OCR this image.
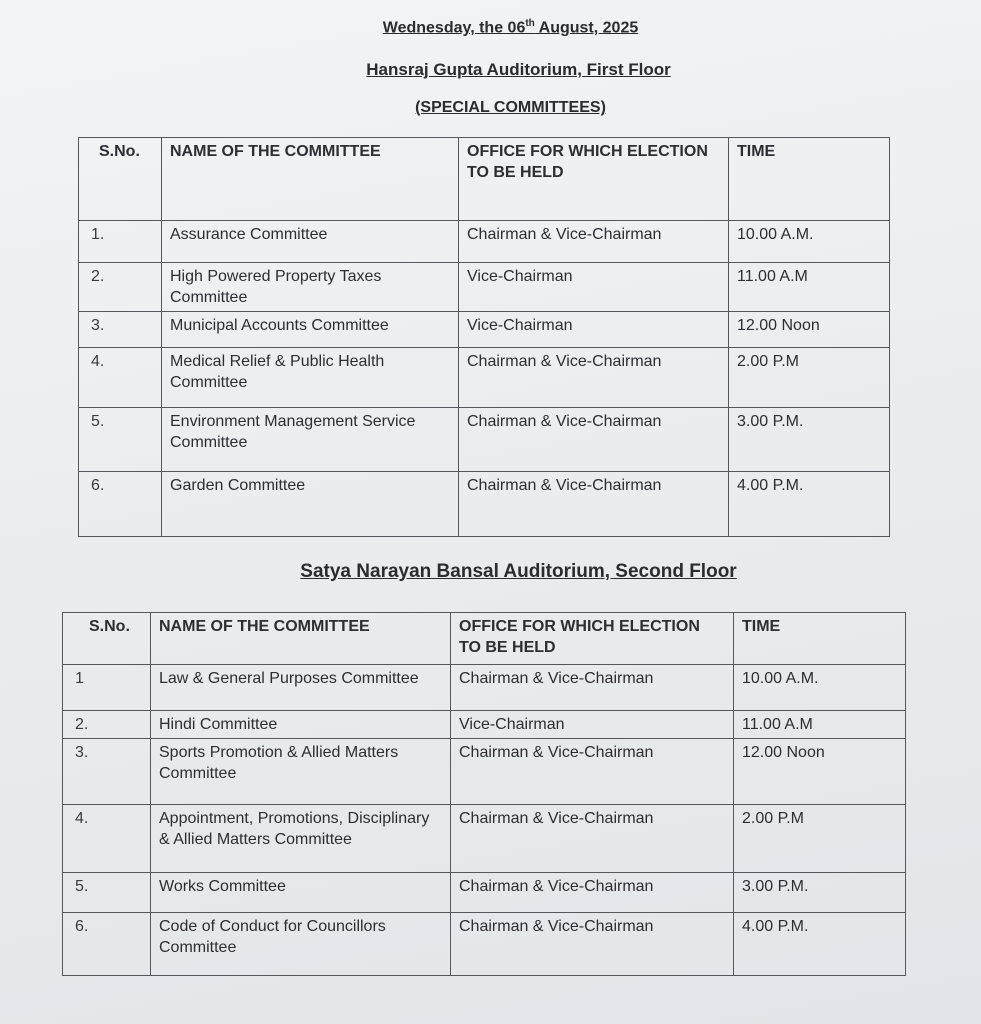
Wednesday, the 06th August, 2025
Hansraj Gupta Auditorium, First Floor
(SPECIAL COMMITTEES)
S.No.	NAME OF THE COMMITTEE	OFFICE FOR WHICH ELECTION TO BE HELD	TIME
1.	Assurance Committee	Chairman & Vice-Chairman	10.00 A.M.
2.	High Powered Property Taxes Committee	Vice-Chairman	11.00 A.M
3.	Municipal Accounts Committee	Vice-Chairman	12.00 Noon
4.	Medical Relief & Public Health Committee	Chairman & Vice-Chairman	2.00 P.M
5.	Environment Management Service Committee	Chairman & Vice-Chairman	3.00 P.M.
6.	Garden Committee	Chairman & Vice-Chairman	4.00 P.M.
Satya Narayan Bansal Auditorium, Second Floor
S.No.	NAME OF THE COMMITTEE	OFFICE FOR WHICH ELECTION TO BE HELD	TIME
1	Law & General Purposes Committee	Chairman & Vice-Chairman	10.00 A.M.
2.	Hindi Committee	Vice-Chairman	11.00 A.M
3.	Sports Promotion & Allied Matters Committee	Chairman & Vice-Chairman	12.00 Noon
4.	Appointment, Promotions, Disciplinary & Allied Matters Committee	Chairman & Vice-Chairman	2.00 P.M
5.	Works Committee	Chairman & Vice-Chairman	3.00 P.M.
6.	Code of Conduct for Councillors Committee	Chairman & Vice-Chairman	4.00 P.M.
